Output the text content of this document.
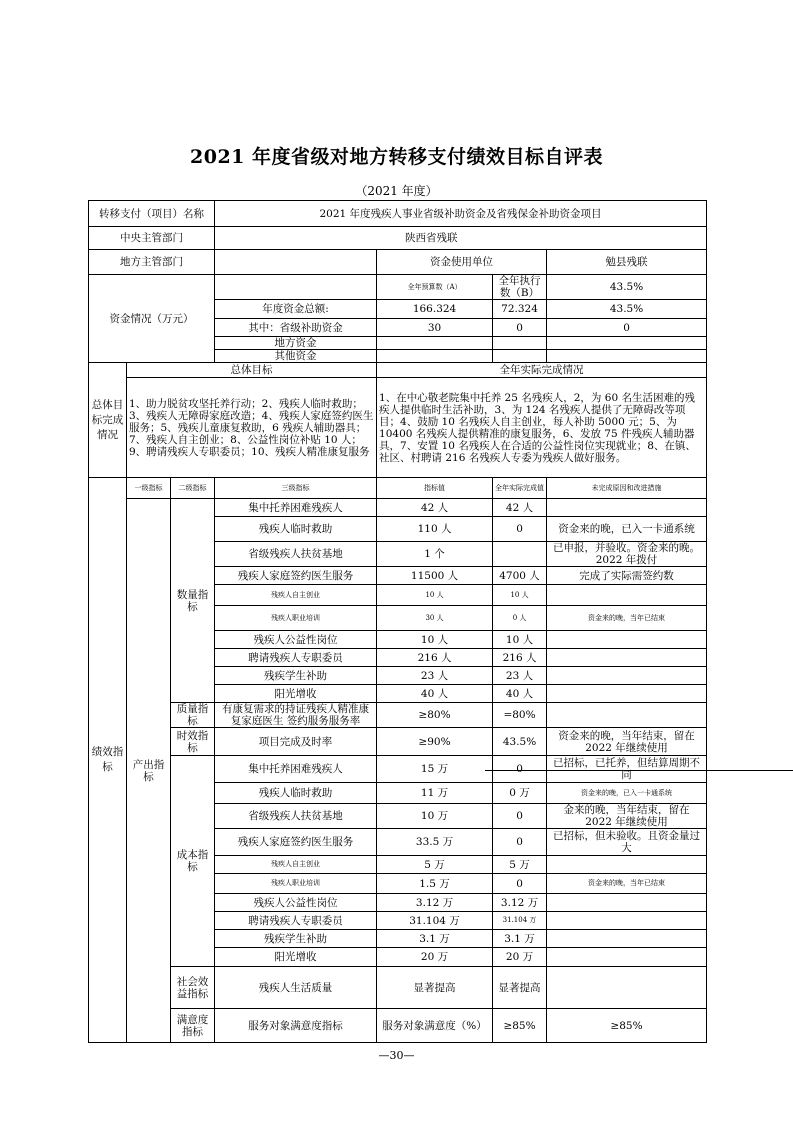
2021 年度省级对地方转移支付绩效目标自评表
（2021 年度）
转移支付（项目）名称			2021 年度残疾人事业省级补助资金及省残保金补助资金项目				
中央主管部门			陕西省残联				
地方主管部门				资金使用单位		勉县残联	
资金情况（万元）				全年预算数（A）	全年执行数（B）	43.5%	
			年度资金总额:	166.324	72.324	43.5%	
			其中：省级补助资金	30	0	0	
			地方资金				
			其他资金				
总体目标完成情况	总体目标			全年实际完成情况			
	1、助力脱贫攻坚托养行动；2、残疾人临时救助；3、残疾人无障碍家庭改造；4、残疾人家庭签约医生服务；5、残疾儿童康复救助，6 残疾人辅助器具；7、残疾人自主创业；8、公益性岗位补贴 10 人；9、聘请残疾人专职委员；10、残疾人精准康复服务			1、在中心敬老院集中托养 25 名残疾人，2，为 60 名生活困难的残疾人提供临时生活补助，3、为 124 名残疾人提供了无障碍改等项目；4、鼓励 10 名残疾人自主创业，每人补助 5000 元；5、为 10400 名残疾人提供精准的康复服务，6、发放 75 件残疾人辅助器具，7、安置 10 名残疾人在合适的公益性岗位实现就业；8、在镇、社区、村聘请 216 名残疾人专委为残疾人做好服务。			
绩效指标	一级指标	二级指标	三级指标	指标值	全年实际完成值	未完成原因和改进措施	
	产出指标	数量指标	集中托养困难残疾人	42 人	42 人		
			残疾人临时救助	110 人	0	资金来的晚，已入一卡通系统	
			省级残疾人扶贫基地	1 个		已申报，并验收。资金来的晚。2022 年拨付	
			残疾人家庭签约医生服务	11500 人	4700 人	完成了实际需签约数	
			残疾人自主创业	10 人	10 人		
			残疾人职业培训	30 人	0 人	资金来的晚，当年已结束	
			残疾人公益性岗位	10 人	10 人		
			聘请残疾人专职委员	216 人	216 人		
			残疾学生补助	23 人	23 人		
			阳光增收	40 人	40 人		
		质量指标	有康复需求的持证残疾人精准康复家庭医生 签约服务服务率	≥80%	=80%		
		时效指标	项目完成及时率	≥90%	43.5%	资金来的晚，当年结束，留在 2022 年继续使用	
		成本指标	集中托养困难残疾人	15 万	0	已招标，已托养，但结算周期不同	
			残疾人临时救助	11 万	0 万	资金来的晚，已入一卡通系统	
			省级残疾人扶贫基地	10 万	0	金来的晚，当年结束，留在 2022 年继续使用	
			残疾人家庭签约医生服务	33.5 万	0	已招标，但未验收。且资金量过大	
			残疾人自主创业	5 万	5 万		
			残疾人职业培训	1.5 万	0	资金来的晚，当年已结束	
			残疾人公益性岗位	3.12 万	3.12 万		
			聘请残疾人专职委员	31.104 万	31.104 万		
			残疾学生补助	3.1 万	3.1 万		
			阳光增收	20 万	20 万		
		社会效益指标	残疾人生活质量	显著提高	显著提高		
		满意度指标	服务对象满意度指标	服务对象满意度（%）	≥85%	≥85%	
—30—
